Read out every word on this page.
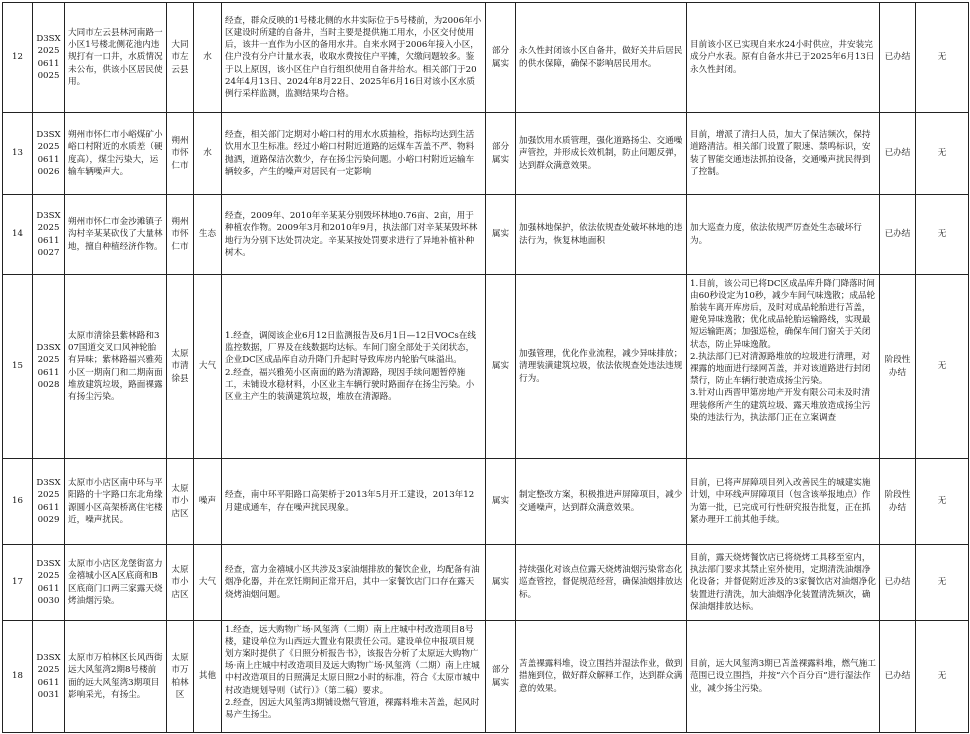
12	D3SX202506110025	大同市左云县林河南路一小区1号楼北侧花池内违规打有一口井，水质情况未公布，供该小区居民使用。	大同市左云县	水	经查，群众反映的1号楼北侧的水井实际位于5号楼前，为2006年小区建设时所建的自备井，当时主要是提供施工用水，小区交付使用后，该井一直作为小区的备用水井。自来水网于2006年接入小区，住户没有分户计量水表，收取水费按住户平摊，欠缴问题较多。鉴于以上原因，该小区住户自行组织使用自备井给水。相关部门于2024年4月13日、2024年8月22日、2025年6月16日对该小区水质例行采样监测，监测结果均合格。	部分属实	永久性封闭该小区自备井，做好关井后居民的供水保障，确保不影响居民用水。	目前该小区已实现自来水24小时供应，井安装完成分户水表。原有自备水井已于2025年6月13日永久性封闭。	已办结	无
13	D3SX202506110026	朔州市怀仁市小峪煤矿小峪口村附近的水质差（硬度高），煤尘污染大，运输车辆噪声大。	朔州市怀仁市	水	经查，相关部门定期对小峪口村的用水水质抽检，指标均达到生活饮用水卫生标准。经过小峪口村附近道路的运煤车苫盖不严、物料抛洒，道路保洁次数少，存在扬尘污染问题。小峪口村附近运输车辆较多，产生的噪声对居民有一定影响	部分属实	加强饮用水质管理，强化道路扬尘、交通噪声管控，并形成长效机制，防止问题反弹，达到群众满意效果。	目前，增派了清扫人员，加大了保洁频次，保持道路清洁。相关部门设置了限速、禁鸣标识，安装了智能交通违法抓拍设备，交通噪声扰民得到了控制。	已办结	无
14	D3SX202506110027	朔州市怀仁市金沙滩镇子沟村辛某某砍伐了大量林地，擅自种植经济作物。	朔州市怀仁市	生态	经查，2009年、2010年辛某某分别毁坏林地0.76亩、2亩，用于种植农作物。2009年3月和2010年9月，执法部门对辛某某毁坏林地行为分别下达处罚决定。辛某某按处罚要求进行了异地补植补种树木。	属实	加强林地保护，依法依规查处破坏林地的违法行为，恢复林地面积	加大巡查力度，依法依规严厉查处生态破坏行为。	已办结	无
15	D3SX202506110028	太原市清徐县紫林路和307国道交叉口风神轮胎有异味；紫林路福兴雅苑小区一期南门和二期南面堆放建筑垃圾，路面裸露有扬尘污染。	太原市清徐县	大气	1.经查，调阅该企业6月12日监测报告及6月1日—12日VOCs在线监控数据，厂界及在线数据均达标。车间门窗全部处于关闭状态，企业DC区成品库自动升降门升起时导致库房内轮胎气味溢出。
2.经查，福兴雅苑小区南面的路为清源路，现因手续问题暂停施工，未铺设水稳材料，小区业主车辆行驶时路面存在扬尘污染。小区业主产生的装潢建筑垃圾，堆放在清源路。	属实	加强管理，优化作业流程，减少异味排放；清理装潢建筑垃圾，依法依规查处违法违规行为。	1.目前，该公司已将DC区成品库升降门降落时间由60秒设定为10秒，减少车间气味逸散；成品轮胎装车离开库房后，及时对成品轮胎进行苫盖，避免异味逸散；优化成品轮胎运输路线，实现最短运输距离；加强巡检，确保车间门窗关于关闭状态，防止异味逸散。
2.执法部门已对清源路堆放的垃圾进行清理，对裸露的地面进行绿网苫盖，并对该道路进行封闭禁行，防止车辆行驶造成扬尘污染。
3.针对山西晋甲第房地产开发有限公司未及时清理装修所产生的建筑垃圾、露天堆放造成扬尘污染的违法行为，执法部门正在立案调查	阶段性办结	无
16	D3SX202506110029	太原市小店区南中环与平阳路的十字路口东北角缘源圆小区高架桥离住宅楼近，噪声扰民。	太原市小店区	噪声	经查，南中环平阳路口高架桥于2013年5月开工建设，2013年12月建成通车，存在噪声扰民现象。	属实	制定整改方案，积极推进声屏障项目，减少交通噪声，达到群众满意效果。	目前，已将声屏障项目列入改善民生的城建实施计划，中环线声屏障项目（包含该举报地点）作为第一批，已完成可行性研究报告批复，正在抓紧办理开工前其他手续。	阶段性办结	无
17	D3SX202506110030	太原市小店区龙堡街富力金禧城小区A区底商和B区底商门口两三家露天烧烤油烟污染。	太原市小店区	大气	经查，富力金禧城小区共涉及3家油烟排放的餐饮企业，均配备有油烟净化器，并在烹饪期间正常开启，其中一家餐饮店门口存在露天烧烤油烟问题。	属实	持续强化对该点位露天烧烤油烟污染常态化巡查管控，督促规范经营，确保油烟排放达标。	目前，露天烧烤餐饮店已将烧烤工具移至室内，执法部门要求其禁止室外使用，定期清洗油烟净化设备；并督促附近涉及的3家餐饮店对油烟净化装置进行清洗，加大油烟净化装置清洗频次，确保油烟排放达标。	已办结	无
18	D3SX202506110031	太原市万柏林区长风西街远大风玺湾2期8号楼前面的远大风玺湾3期项目影响采光，有扬尘。	太原市万柏林区	其他	1.经查，远大购物广场·风玺湾（二期）南上庄城中村改造项目8号楼，建设单位为山西远大置业有限责任公司。建设单位申报项目规划方案时提供了《日照分析报告书》，该报告分析了太原远大购物广场·南上庄城中村改造项目及远大购物广场·风玺湾（二期）南上庄城中村改造项目的日照满足太原日照2小时的标准，符合《太原市城中村改造规划导则（试行）》（第二稿）要求。
2.经查，因远大风玺湾3期铺设燃气管道，裸露料堆未苫盖，起风时易产生扬尘。	部分属实	苫盖裸露料堆，设立围挡并湿法作业，做到措施到位，做好群众解释工作，达到群众满意的效果。	目前，远大风玺湾3期已苫盖裸露料堆，燃气施工范围已设立围挡，并按“六个百分百”进行湿法作业，减少扬尘污染。	已办结	无
